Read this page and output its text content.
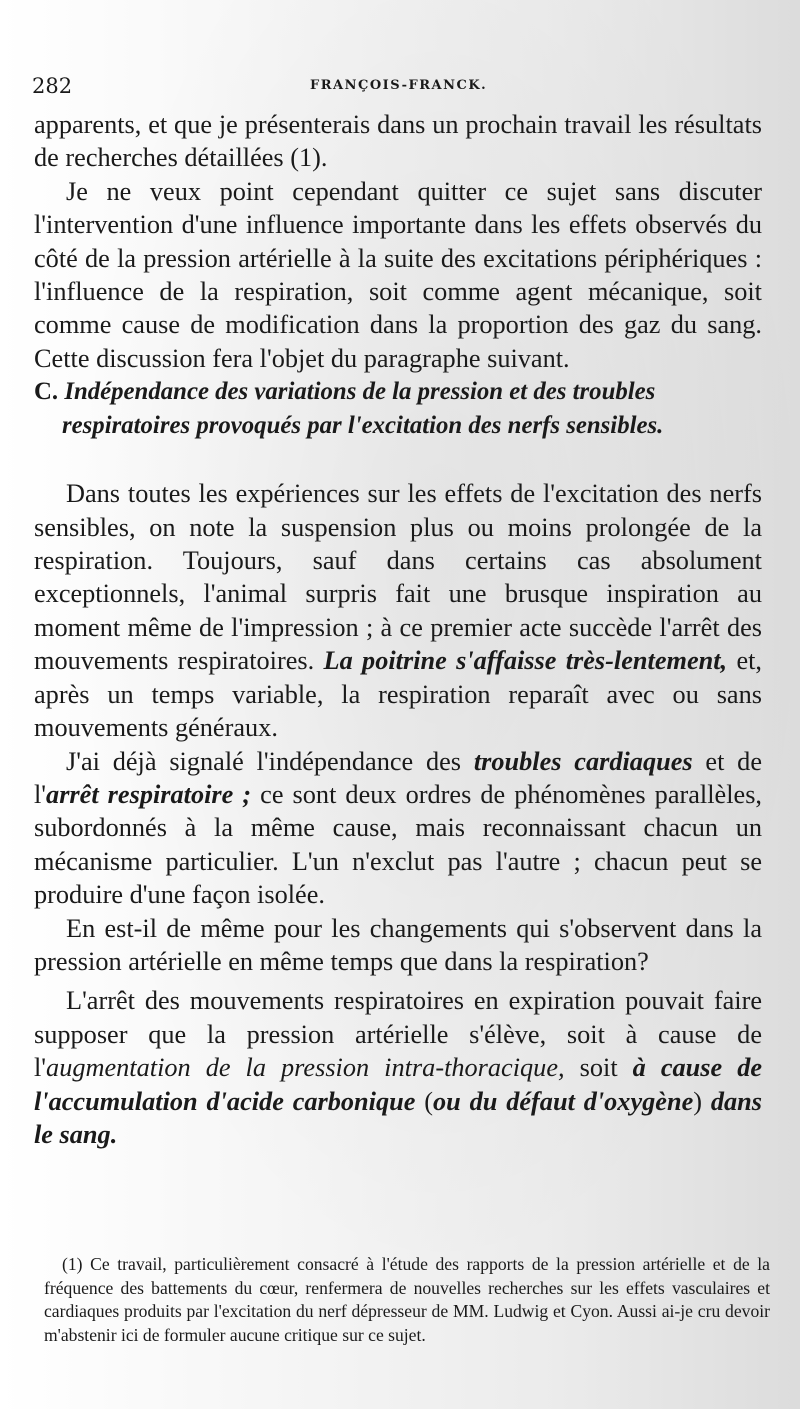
282	FRANÇOIS-FRANCK.

apparents, et que je présenterais dans un prochain travail les résultats de recherches détaillées (1).

Je ne veux point cependant quitter ce sujet sans discuter l'intervention d'une influence importante dans les effets observés du côté de la pression artérielle à la suite des excitations périphériques : l'influence de la respiration, soit comme agent mécanique, soit comme cause de modification dans la proportion des gaz du sang. Cette discussion fera l'objet du paragraphe suivant.

C. Indépendance des variations de la pression et des troubles
respiratoires provoqués par l'excitation des nerfs sensibles.

Dans toutes les expériences sur les effets de l'excitation des nerfs sensibles, on note la suspension plus ou moins prolongée de la respiration. Toujours, sauf dans certains cas absolument exceptionnels, l'animal surpris fait une brusque inspiration au moment même de l'impression ; à ce premier acte succède l'arrêt des mouvements respiratoires. La poitrine s'affaisse très-lentement, et, après un temps variable, la respiration reparaît avec ou sans mouvements généraux.

J'ai déjà signalé l'indépendance des troubles cardiaques et de l'arrêt respiratoire ; ce sont deux ordres de phénomènes parallèles, subordonnés à la même cause, mais reconnaissant chacun un mécanisme particulier. L'un n'exclut pas l'autre ; chacun peut se produire d'une façon isolée.

En est-il de même pour les changements qui s'observent dans la pression artérielle en même temps que dans la respiration?

L'arrêt des mouvements respiratoires en expiration pouvait faire supposer que la pression artérielle s'élève, soit à cause de l'augmentation de la pression intra-thoracique, soit à cause de l'accumulation d'acide carbonique (ou du défaut d'oxygène) dans le sang.

(1) Ce travail, particulièrement consacré à l'étude des rapports de la pression artérielle et de la fréquence des battements du cœur, renfermera de nouvelles recherches sur les effets vasculaires et cardiaques produits par l'excitation du nerf dépresseur de MM. Ludwig et Cyon. Aussi ai-je cru devoir m'abstenir ici de formuler aucune critique sur ce sujet.
